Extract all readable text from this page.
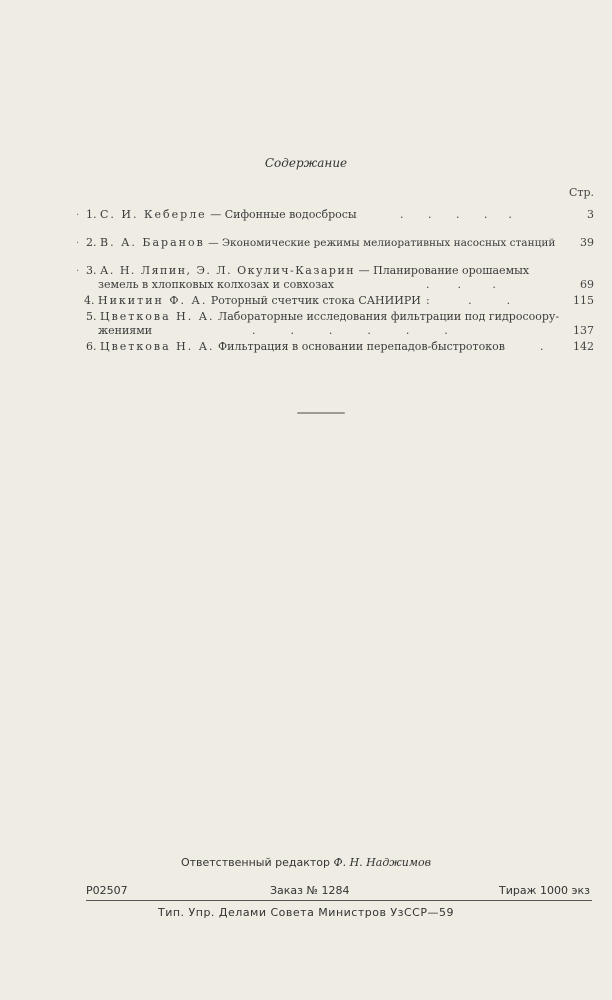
Содержание
Стр.
· 1. С. И. Кеберле — Сифонные водосбросы	.       .       .       .      .	3
· 2. В. А. Баранов — Экономические режимы мелиоративных насосных станций	39
· 3. А. Н. Ляпин, Э. Л. Окулич-Казарин — Планирование орошаемых
земель в хлопковых колхозах и совхозах	.        .         .	69
4. Никитин Ф. А. Роторный счетчик стока САНИИРИ :           .          .	115
5. Цветкова Н. А. Лабораторные исследования фильтрации под гидросоору-
жениями	.          .          .          .          .          .	137
6. Цветкова Н. А. Фильтрация в основании перепадов-быстротоков	.	142
Ответственный редактор Ф. Н. Наджимов
Р02507	Заказ № 1284	Тираж 1000 экз
Тип. Упр. Делами Совета Министров УзССР—59
